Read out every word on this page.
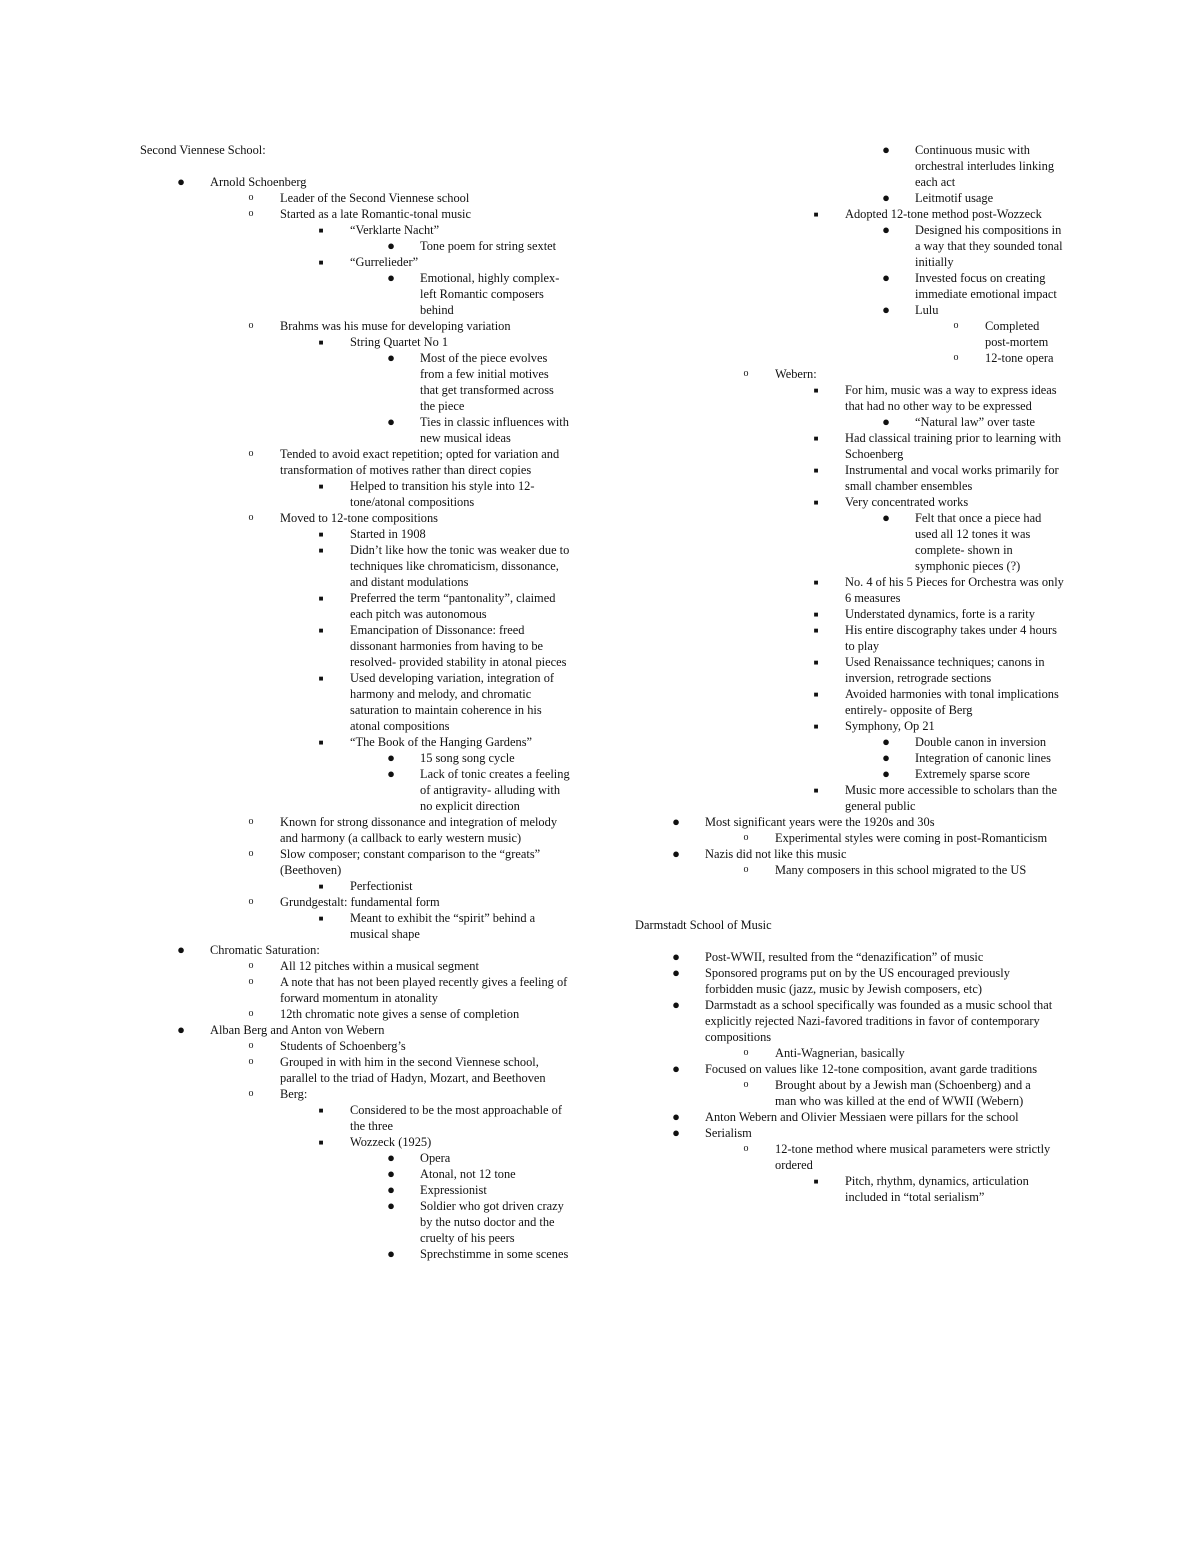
Second Viennese School:

● Arnold Schoenberg
o	Leader of the Second Viennese school
o	Started as a late Romantic-tonal music
■	“Verklarte Nacht”
● Tone poem for string sextet
■	“Gurrelieder”
● Emotional, highly complex- left Romantic composers behind
o	Brahms was his muse for developing variation
■	String Quartet No 1
● Most of the piece evolves from a few initial motives that get transformed across the piece
● Ties in classic influences with new musical ideas
o	Tended to avoid exact repetition; opted for variation and transformation of motives rather than direct copies
■	Helped to transition his style into 12-tone/atonal compositions
o	Moved to 12-tone compositions
■	Started in 1908
■	Didn’t like how the tonic was weaker due to techniques like chromaticism, dissonance, and distant modulations
■	Preferred the term “pantonality”, claimed each pitch was autonomous
■	Emancipation of Dissonance: freed dissonant harmonies from having to be resolved- provided stability in atonal pieces
■	Used developing variation, integration of harmony and melody, and chromatic saturation to maintain coherence in his atonal compositions
■	“The Book of the Hanging Gardens”
● 15 song song cycle
● Lack of tonic creates a feeling of antigravity- alluding with no explicit direction
o	Known for strong dissonance and integration of melody and harmony (a callback to early western music)
o	Slow composer; constant comparison to the “greats” (Beethoven)
■	Perfectionist
o	Grundgestalt: fundamental form
■	Meant to exhibit the “spirit” behind a musical shape
● Chromatic Saturation:
o	All 12 pitches within a musical segment
o	A note that has not been played recently gives a feeling of forward momentum in atonality
o	12th chromatic note gives a sense of completion
● Alban Berg and Anton von Webern
o	Students of Schoenberg’s
o	Grouped in with him in the second Viennese school, parallel to the triad of Hadyn, Mozart, and Beethoven
o	Berg:
■	Considered to be the most approachable of the three
■	Wozzeck (1925)
● Opera
● Atonal, not 12 tone
● Expressionist
● Soldier who got driven crazy by the nutso doctor and the cruelty of his peers
● Sprechstimme in some scenes
● Continuous music with orchestral interludes linking each act
● Leitmotif usage
■	Adopted 12-tone method post-Wozzeck
● Designed his compositions in a way that they sounded tonal initially
● Invested focus on creating immediate emotional impact
● Lulu
o	Completed post-mortem
o	12-tone opera
o	Webern:
■	For him, music was a way to express ideas that had no other way to be expressed
● “Natural law” over taste
■	Had classical training prior to learning with Schoenberg
■	Instrumental and vocal works primarily for small chamber ensembles
■	Very concentrated works
● Felt that once a piece had used all 12 tones it was complete- shown in symphonic pieces (?)
■	No. 4 of his 5 Pieces for Orchestra was only 6 measures
■	Understated dynamics, forte is a rarity
■	His entire discography takes under 4 hours to play
■	Used Renaissance techniques; canons in inversion, retrograde sections
■	Avoided harmonies with tonal implications entirely- opposite of Berg
■	Symphony, Op 21
● Double canon in inversion
● Integration of canonic lines
● Extremely sparse score
■	Music more accessible to scholars than the general public
● Most significant years were the 1920s and 30s
o	Experimental styles were coming in post-Romanticism
● Nazis did not like this music
o	Many composers in this school migrated to the US

Darmstadt School of Music

● Post-WWII, resulted from the “denazification” of music
● Sponsored programs put on by the US encouraged previously forbidden music (jazz, music by Jewish composers, etc)
● Darmstadt as a school specifically was founded as a music school that explicitly rejected Nazi-favored traditions in favor of contemporary compositions
o	Anti-Wagnerian, basically
● Focused on values like 12-tone composition, avant garde traditions
o	Brought about by a Jewish man (Schoenberg) and a man who was killed at the end of WWII (Webern)
● Anton Webern and Olivier Messiaen were pillars for the school
● Serialism
o	12-tone method where musical parameters were strictly ordered
■	Pitch, rhythm, dynamics, articulation included in “total serialism”
